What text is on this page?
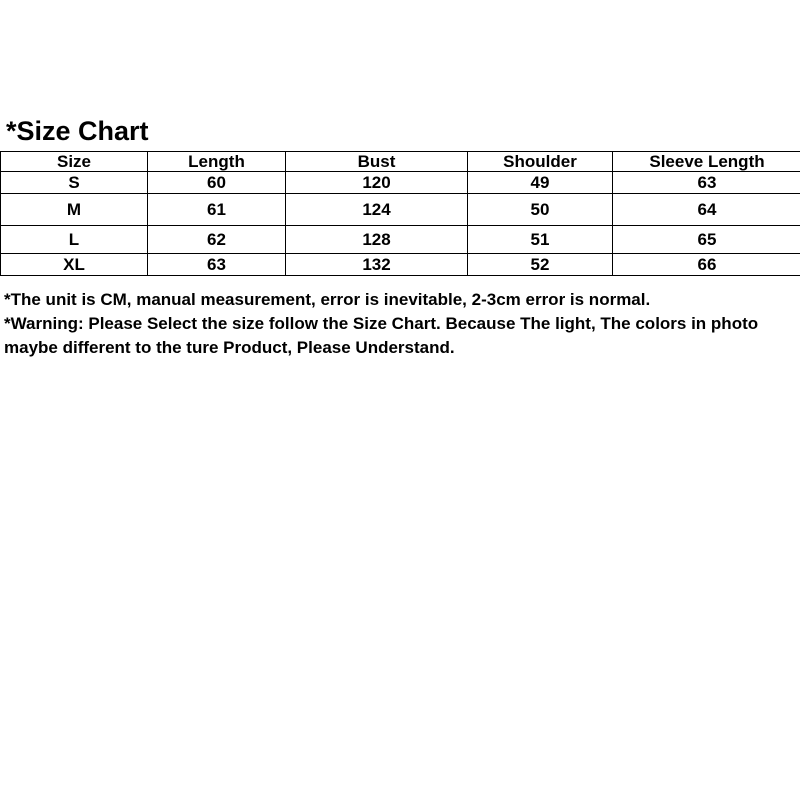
*Size Chart
Size	Length	Bust	Shoulder	Sleeve Length
S	60	120	49	63
M	61	124	50	64
L	62	128	51	65
XL	63	132	52	66

*The unit is CM, manual measurement, error is inevitable, 2-3cm error is normal.

*Warning: Please Select the size follow the Size Chart. Because The light, The colors in photo maybe different to the ture Product, Please Understand.
